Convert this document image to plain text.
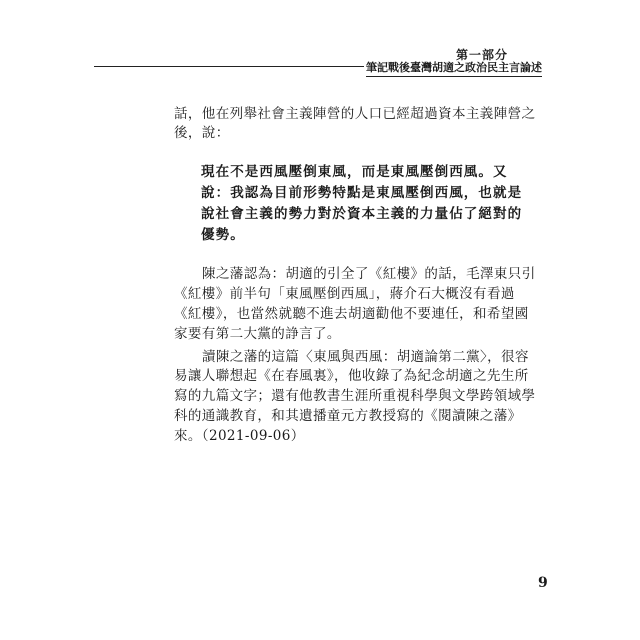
第一部分
筆記戰後臺灣胡適之政治民主言論述
話，他在列舉社會主義陣營的人口已經超過資本主義陣營之
後，說：
現在不是西風壓倒東風，而是東風壓倒西風。又
說：我認為目前形勢特點是東風壓倒西風，也就是
說社會主義的勢力對於資本主義的力量佔了絕對的
優勢。
陳之藩認為：胡適的引全了《紅樓》的話，毛澤東只引
《紅樓》前半句「東風壓倒西風」，蔣介石大概沒有看過
《紅樓》，也當然就聽不進去胡適勸他不要連任，和希望國
家要有第二大黨的諍言了。
讀陳之藩的這篇〈東風與西風：胡適論第二黨〉，很容
易讓人聯想起《在春風裏》，他收錄了為紀念胡適之先生所
寫的九篇文字；還有他教書生涯所重視科學與文學跨領域學
科的通識教育，和其遺播童元方教授寫的《閱讀陳之藩》
來。（2021-09-06）
9
